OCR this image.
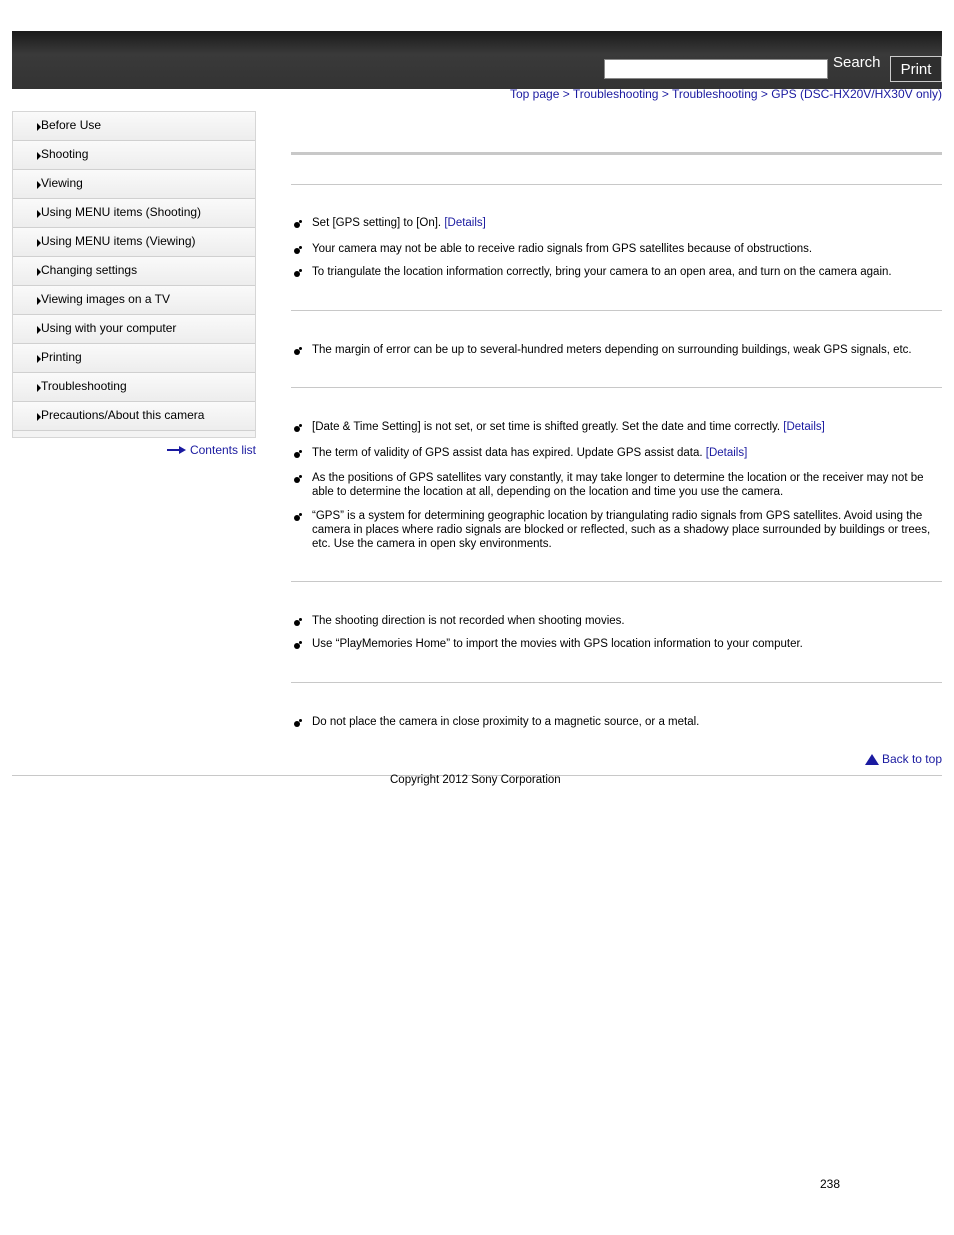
Search	Print
Top page > Troubleshooting > Troubleshooting > GPS (DSC-HX20V/HX30V only)
Before Use
Shooting
Viewing
Using MENU items (Shooting)
Using MENU items (Viewing)
Changing settings
Viewing images on a TV
Using with your computer
Printing
Troubleshooting
Precautions/About this camera
Contents list
Set [GPS setting] to [On]. [Details]
Your camera may not be able to receive radio signals from GPS satellites because of obstructions.
To triangulate the location information correctly, bring your camera to an open area, and turn on the camera again.
The margin of error can be up to several-hundred meters depending on surrounding buildings, weak GPS signals, etc.
[Date & Time Setting] is not set, or set time is shifted greatly. Set the date and time correctly. [Details]
The term of validity of GPS assist data has expired. Update GPS assist data. [Details]
As the positions of GPS satellites vary constantly, it may take longer to determine the location or the receiver may not be able to determine the location at all, depending on the location and time you use the camera.
“GPS” is a system for determining geographic location by triangulating radio signals from GPS satellites. Avoid using the camera in places where radio signals are blocked or reflected, such as a shadowy place surrounded by buildings or trees, etc. Use the camera in open sky environments.
The shooting direction is not recorded when shooting movies.
Use “PlayMemories Home” to import the movies with GPS location information to your computer.
Do not place the camera in close proximity to a magnetic source, or a metal.
Back to top
Copyright 2012 Sony Corporation
238
